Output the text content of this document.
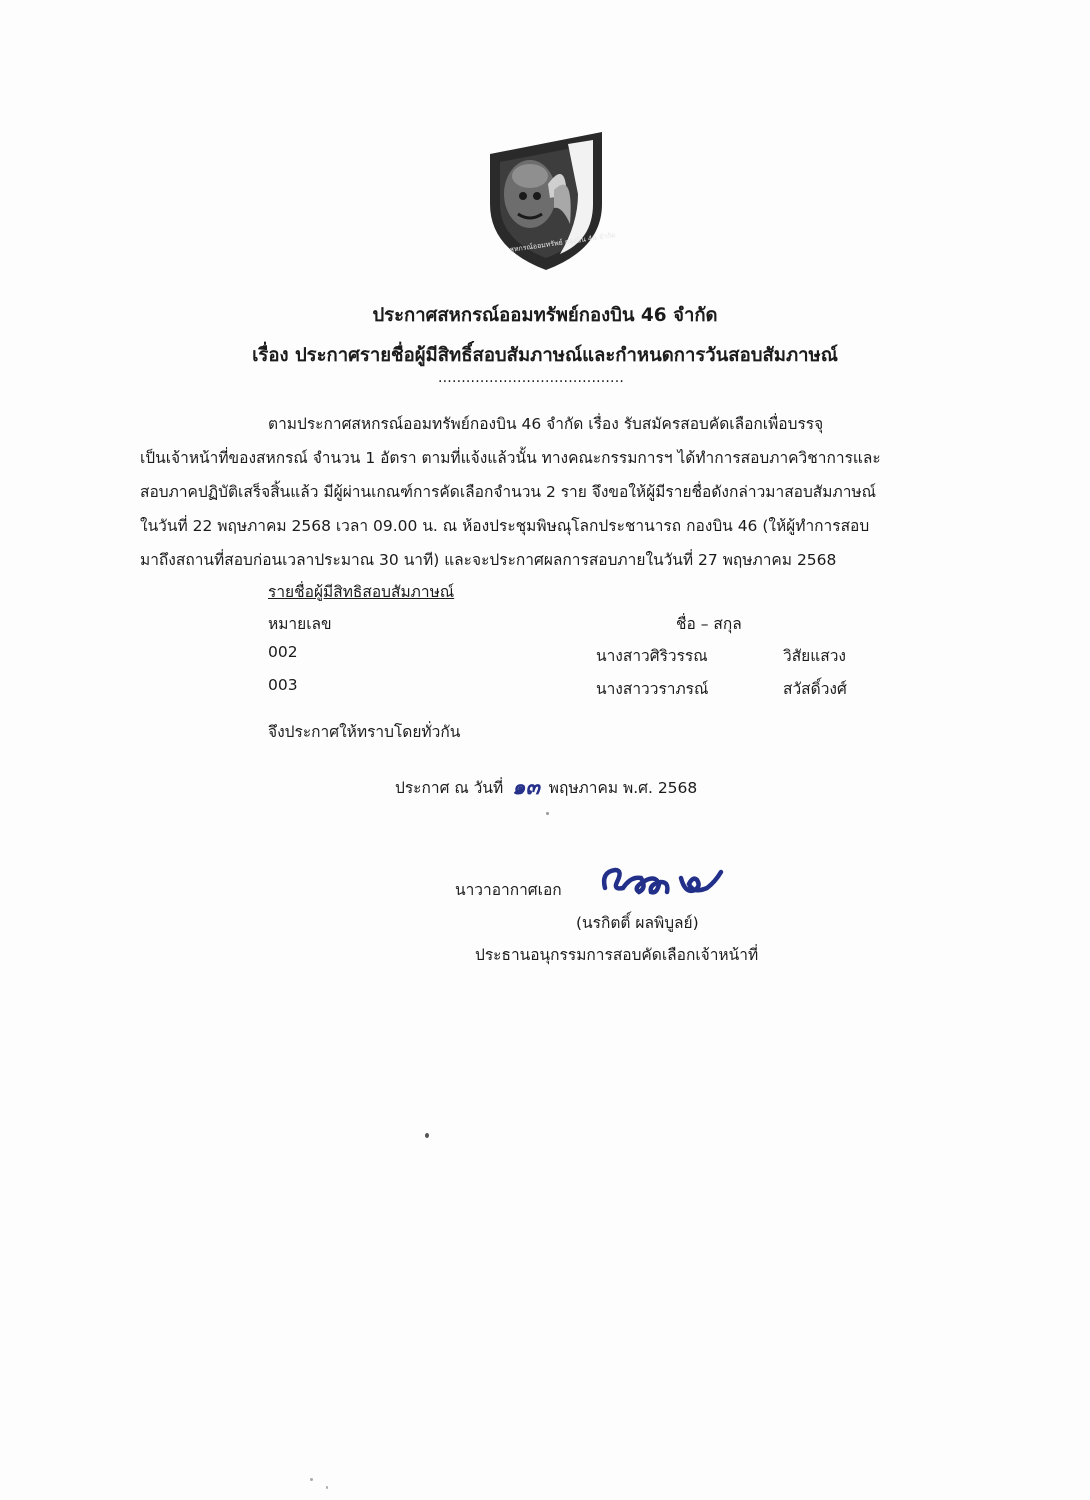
สหกรณ์ออมทรัพย์ กองบิน 46 จำกัด
ประกาศสหกรณ์ออมทรัพย์กองบิน 46 จำกัด
เรื่อง ประกาศรายชื่อผู้มีสิทธิ์สอบสัมภาษณ์และกำหนดการวันสอบสัมภาษณ์
........................................
ตามประกาศสหกรณ์ออมทรัพย์กองบิน 46 จำกัด เรื่อง รับสมัครสอบคัดเลือกเพื่อบรรจุ
เป็นเจ้าหน้าที่ของสหกรณ์ จำนวน 1 อัตรา ตามที่แจ้งแล้วนั้น ทางคณะกรรมการฯ ได้ทำการสอบภาควิชาการและ
สอบภาคปฏิบัติเสร็จสิ้นแล้ว มีผู้ผ่านเกณฑ์การคัดเลือกจำนวน 2 ราย จึงขอให้ผู้มีรายชื่อดังกล่าวมาสอบสัมภาษณ์
ในวันที่ 22 พฤษภาคม 2568 เวลา 09.00 น. ณ ห้องประชุมพิษณุโลกประชานารถ กองบิน 46 (ให้ผู้ทำการสอบ
มาถึงสถานที่สอบก่อนเวลาประมาณ 30 นาที) และจะประกาศผลการสอบภายในวันที่ 27 พฤษภาคม 2568
รายชื่อผู้มีสิทธิสอบสัมภาษณ์
หมายเลข	ชื่อ – สกุล
002	นางสาวศิริวรรณ	วิสัยแสวง
003	นางสาววราภรณ์	สวัสดิ์วงศ์
จึงประกาศให้ทราบโดยทั่วกัน
ประกาศ ณ วันที่ ๑๓ พฤษภาคม พ.ศ. 2568
นาวาอากาศเอก
(นรกิตติ์ ผลพิบูลย์)
ประธานอนุกรรมการสอบคัดเลือกเจ้าหน้าที่
